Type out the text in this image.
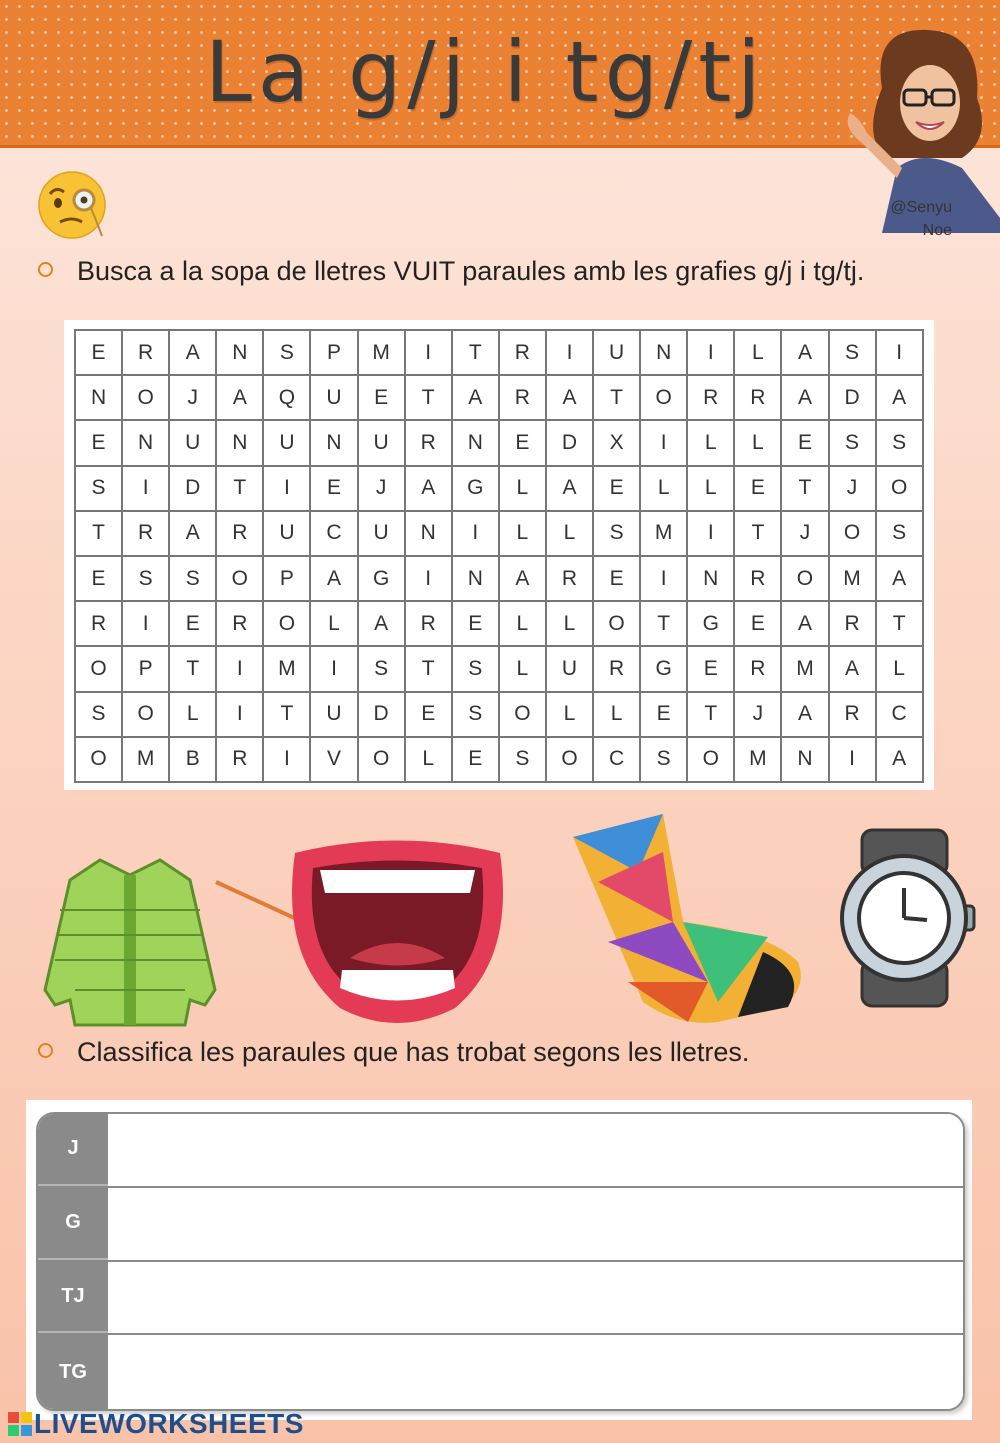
La g/j i tg/tj
@Senyu
Noe
Busca a la sopa de lletres VUIT paraules amb les grafies g/j i tg/tj.
E	R	A	N	S	P	M	I	T	R	I	U	N	I	L	A	S	I
N	O	J	A	Q	U	E	T	A	R	A	T	O	R	R	A	D	A
E	N	U	N	U	N	U	R	N	E	D	X	I	L	L	E	S	S
S	I	D	T	I	E	J	A	G	L	A	E	L	L	E	T	J	O
T	R	A	R	U	C	U	N	I	L	L	S	M	I	T	J	O	S
E	S	S	O	P	A	G	I	N	A	R	E	I	N	R	O	M	A
R	I	E	R	O	L	A	R	E	L	L	O	T	G	E	A	R	T
O	P	T	I	M	I	S	T	S	L	U	R	G	E	R	M	A	L
S	O	L	I	T	U	D	E	S	O	L	L	E	T	J	A	R	C
O	M	B	R	I	V	O	L	E	S	O	C	S	O	M	N	I	A
Classifica les paraules que has trobat segons les lletres.
J
G
TJ
TG
LIVEWORKSHEETS
